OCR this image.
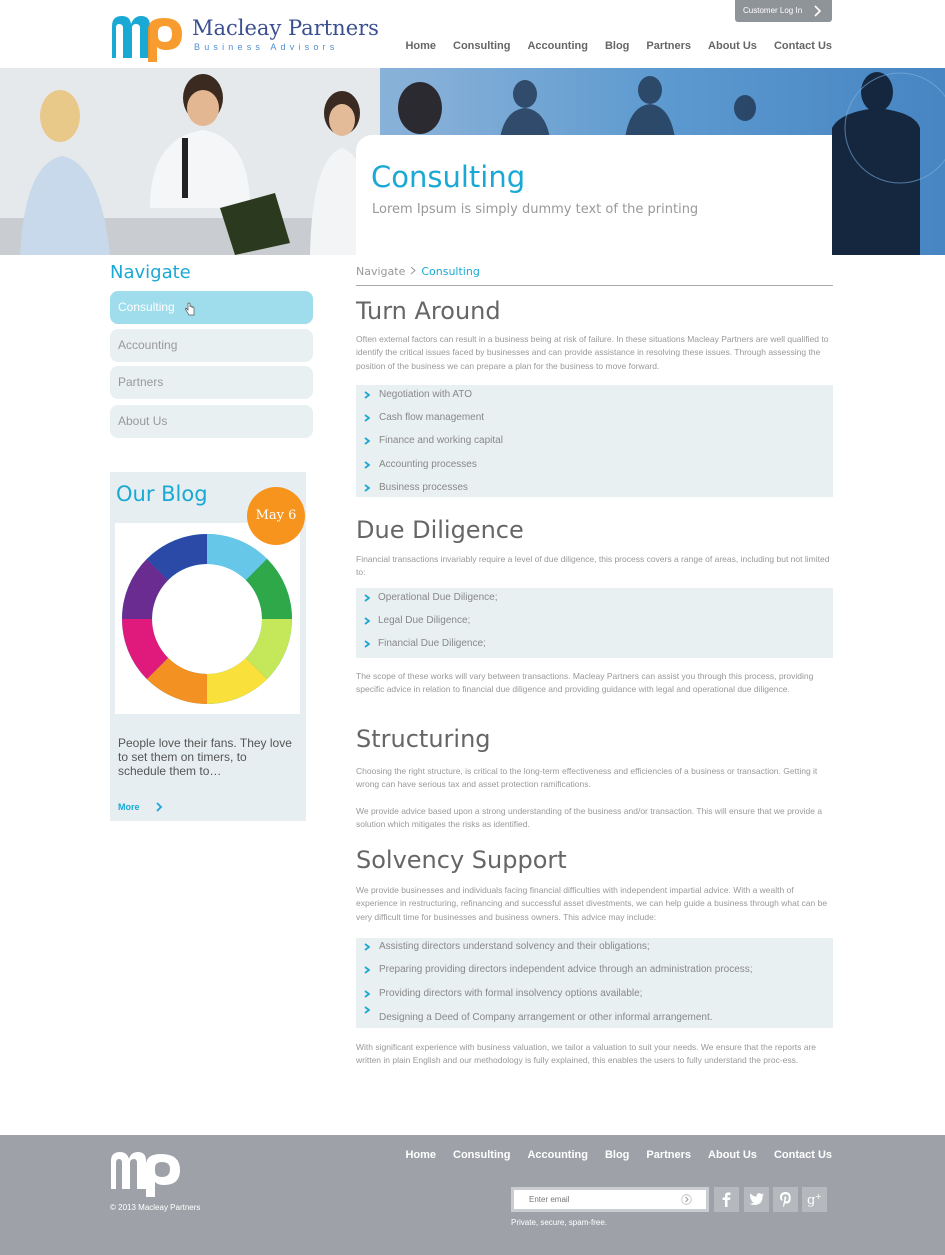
Macleay Partners
Business Advisors
Customer Log In
Home Consulting Accounting Blog Partners About Us Contact Us
Consulting
Lorem Ipsum is simply dummy text of the printing
Navigate
Consulting
Accounting
Partners
About Us
Our Blog
May 6
People love their fans. They love to set them on timers, to schedule them to…
More
Navigate Consulting
Turn Around
Often external factors can result in a business being at risk of failure. In these situations Macleay Partners are well qualified to identify the critical issues faced by businesses and can provide assistance in resolving these issues. Through assessing the position of the business we can prepare a plan for the business to move forward.
Negotiation with ATO
Cash flow management
Finance and working capital
Accounting processes
Business processes
Due Diligence
Financial transactions invariably require a level of due diligence, this process covers a range of areas, including but not limited to:
Operational Due Diligence;
Legal Due Diligence;
Financial Due Diligence;
The scope of these works will vary between transactions. Macleay Partners can assist you through this process, providing specific advice in relation to financial due diligence and providing guidance with legal and operational due diligence.
Structuring
Choosing the right structure, is critical to the long-term effectiveness and efficiencies of a business or transaction. Getting it wrong can have serious tax and asset protection ramifications.
We provide advice based upon a strong understanding of the business and/or transaction. This will ensure that we provide a solution which mitigates the risks as identified.
Solvency Support
We provide businesses and individuals facing financial difficulties with independent impartial advice. With a wealth of experience in restructuring, refinancing and successful asset divestments, we can help guide a business through what can be very difficult time for businesses and business owners. This advice may include:
Assisting directors understand solvency and their obligations;
Preparing providing directors independent advice through an administration process;
Providing directors with formal insolvency options available;
Designing a Deed of Company arrangement or other informal arrangement.
With significant experience with business valuation, we tailor a valuation to suit your needs. We ensure that the reports are written in plain English and our methodology is fully explained, this enables the users to fully understand the proc-ess.
© 2013 Macleay Partners
Home Consulting Accounting Blog Partners About Us Contact Us
Enter email	g +
Private, secure, spam-free.
